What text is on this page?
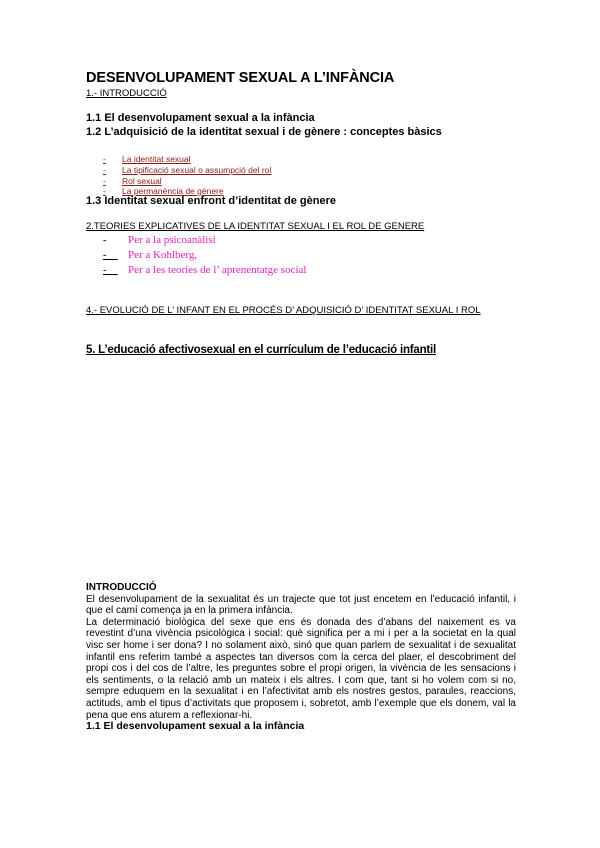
DESENVOLUPAMENT SEXUAL A L’INFÀNCIA
1.- INTRODUCCIÓ
1.1 El desenvolupament sexual a la infància
1.2 L’adquisició de la identitat sexual i de gènere : conceptes bàsics
- La identitat sexual
- La tipificació sexual o assumpció del rol
- Rol sexual
- La permanència de gènere
1.3 Identitat sexual enfront d’identitat de gènere
2.TEORIES EXPLICATIVES DE LA IDENTITAT SEXUAL I EL ROL DE GENERE
- Per a la psicoanàlisi
-    Per a Kohlberg,
-    Per a les teories de l’ aprenentatge social
4.- EVOLUCIÓ DE L’ INFANT EN EL PROCÉS D’ ADQUISICIÓ D’ IDENTITAT SEXUAL I ROL
5. L’educació afectivosexual en el currículum de l’educació infantil
INTRODUCCIÓ

El desenvolupament de la sexualitat és un trajecte que tot just encetem en l’educació infantil, i que el camí comença ja en la primera infància.

La determinació biològica del sexe que ens és donada des d’abans del naixement es va revestint d’una vivència psicològica i social: què significa per a mi i per a la societat en la qual visc ser home i ser dona? I no solament això, sinó que quan parlem de sexualitat i de sexualitat infantil ens referim també a aspectes tan diversos com la cerca del plaer, el descobriment del propi cos i del cos de l’altre, les preguntes sobre el propi origen, la vivència de les sensacions i els sentiments, o la relació amb un mateix i els altres. I com que, tant si ho volem com si no, sempre eduquem en la sexualitat i en l’afectivitat amb els nostres gestos, paraules, reaccions, actituds, amb el tipus d’activitats que proposem i, sobretot, amb l’exemple que els donem, val la pena que ens aturem a reflexionar-hi.

1.1 El desenvolupament sexual a la infància
